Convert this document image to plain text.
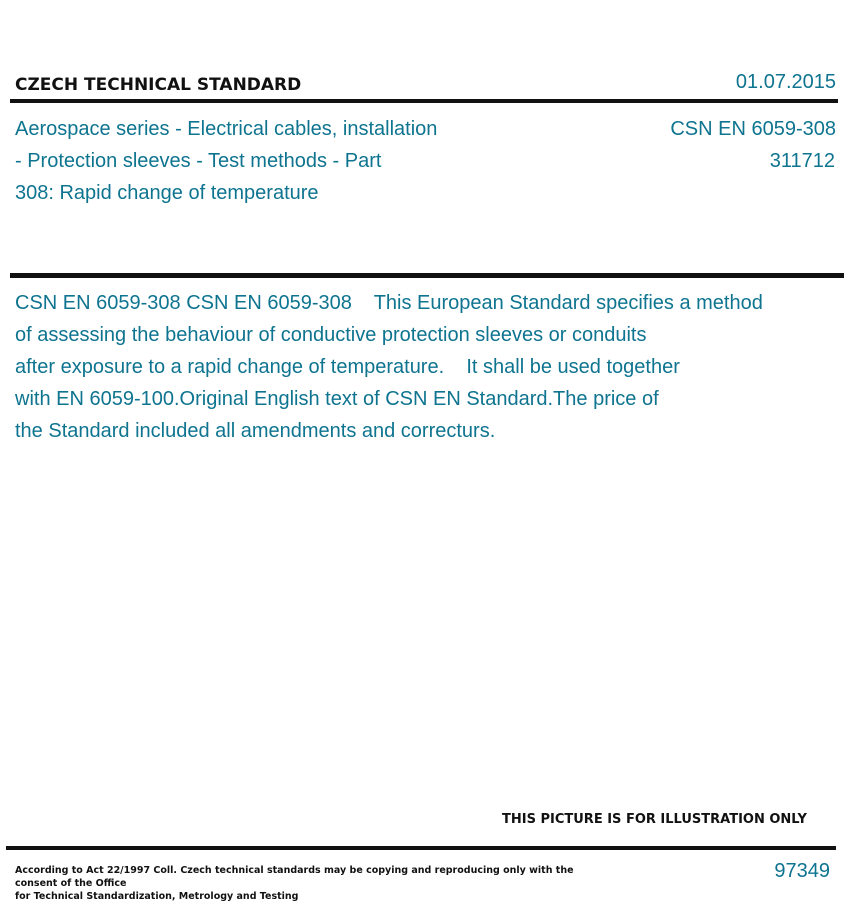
CZECH TECHNICAL STANDARD	01.07.2015
Aerospace series - Electrical cables, installation
- Protection sleeves - Test methods - Part
308: Rapid change of temperature
CSN EN 6059-308
311712
CSN EN 6059-308 CSN EN 6059-308    This European Standard specifies a method
of assessing the behaviour of conductive protection sleeves or conduits
after exposure to a rapid change of temperature.    It shall be used together
with EN 6059-100.Original English text of CSN EN Standard.The price of
the Standard included all amendments and correcturs.
THIS PICTURE IS FOR ILLUSTRATION ONLY
According to Act 22/1997 Coll. Czech technical standards may be copying and reproducing only with the consent of the Office
for Technical Standardization, Metrology and Testing
97349
